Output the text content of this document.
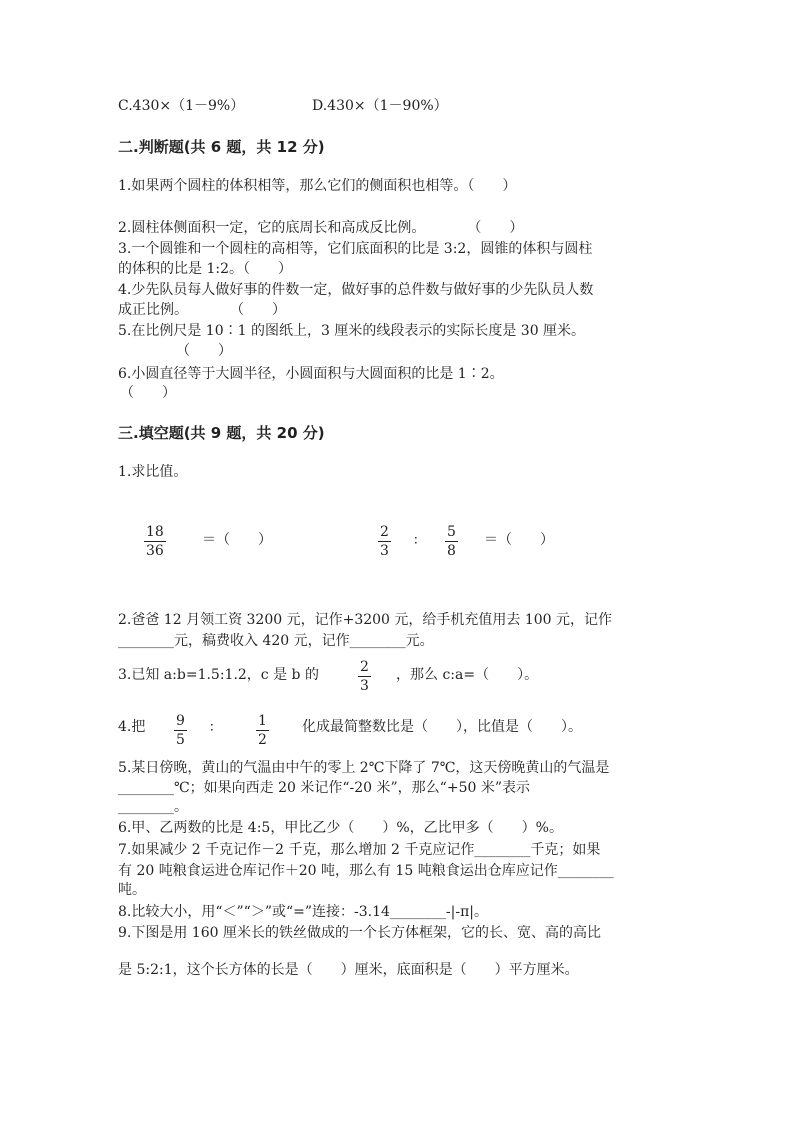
C.430×（1－9%）	D.430×（1－90%）
二.判断题(共 6 题，共 12 分)
1.如果两个圆柱的体积相等，那么它们的侧面积也相等。（　　）
2.圆柱体侧面积一定，它的底周长和高成反比例。　　　　（　　）
3.一个圆锥和一个圆柱的高相等，它们底面积的比是 3:2，圆锥的体积与圆柱
的体积的比是 1:2。（　　）
4.少先队员每人做好事的件数一定，做好事的总件数与做好事的少先队员人数
成正比例。　　　　（　　）
5.在比例尺是 10∶1 的图纸上，3 厘米的线段表示的实际长度是 30 厘米。
（　　）
6.小圆直径等于大圆半径，小圆面积与大圆面积的比是 1∶2。
（　　）
三.填空题(共 9 题，共 20 分)
1.求比值。
$\frac{18}{36}$	＝（　　）	$\frac{2}{3}$ ∶ $\frac{5}{8}$ ＝（　　）
2.爸爸 12 月领工资 3200 元，记作+3200 元，给手机充值用去 100 元，记作
________元，稿费收入 420 元，记作________元。
3.已知 a:b=1.5:1.2，c 是 b 的	$\frac{2}{3}$ ，那么 c:a=（　　）。
4.把 $\frac{9}{5}$ ∶	$\frac{1}{2}$ 化成最简整数比是（　　），比值是（　　）。
5.某日傍晚，黄山的气温由中午的零上 2℃下降了 7℃，这天傍晚黄山的气温是
________℃；如果向西走 20 米记作“-20 米”，那么“+50 米”表示
________。
6.甲、乙两数的比是 4:5，甲比乙少（　　）%，乙比甲多（　　）%。
7.如果减少 2 千克记作－2 千克，那么增加 2 千克应记作________千克；如果
有 20 吨粮食运进仓库记作＋20 吨，那么有 15 吨粮食运出仓库应记作________
吨。
8.比较大小，用“＜”“＞”或“=”连接：-3.14________-|-π|。
9.下图是用 160 厘米长的铁丝做成的一个长方体框架，它的长、宽、高的高比
是 5:2:1，这个长方体的长是（　　）厘米，底面积是（　　）平方厘米。
